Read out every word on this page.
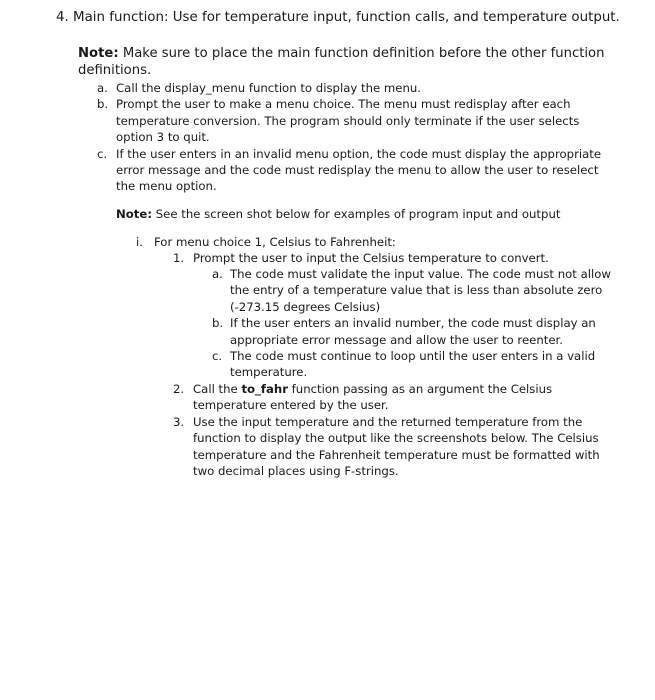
4. Main function: Use for temperature input, function calls, and temperature output.
Note: Make sure to place the main function definition before the other function definitions.
a. Call the display_menu function to display the menu.
b. Prompt the user to make a menu choice. The menu must redisplay after each temperature conversion. The program should only terminate if the user selects option 3 to quit.
c. If the user enters in an invalid menu option, the code must display the appropriate error message and the code must redisplay the menu to allow the user to reselect the menu option.
Note: See the screen shot below for examples of program input and output
i. For menu choice 1, Celsius to Fahrenheit:
1. Prompt the user to input the Celsius temperature to convert.
a. The code must validate the input value. The code must not allow the entry of a temperature value that is less than absolute zero (-273.15 degrees Celsius)
b. If the user enters an invalid number, the code must display an appropriate error message and allow the user to reenter.
c. The code must continue to loop until the user enters in a valid temperature.
2. Call the to_fahr function passing as an argument the Celsius temperature entered by the user.
3. Use the input temperature and the returned temperature from the function to display the output like the screenshots below. The Celsius temperature and the Fahrenheit temperature must be formatted with two decimal places using F-strings.
